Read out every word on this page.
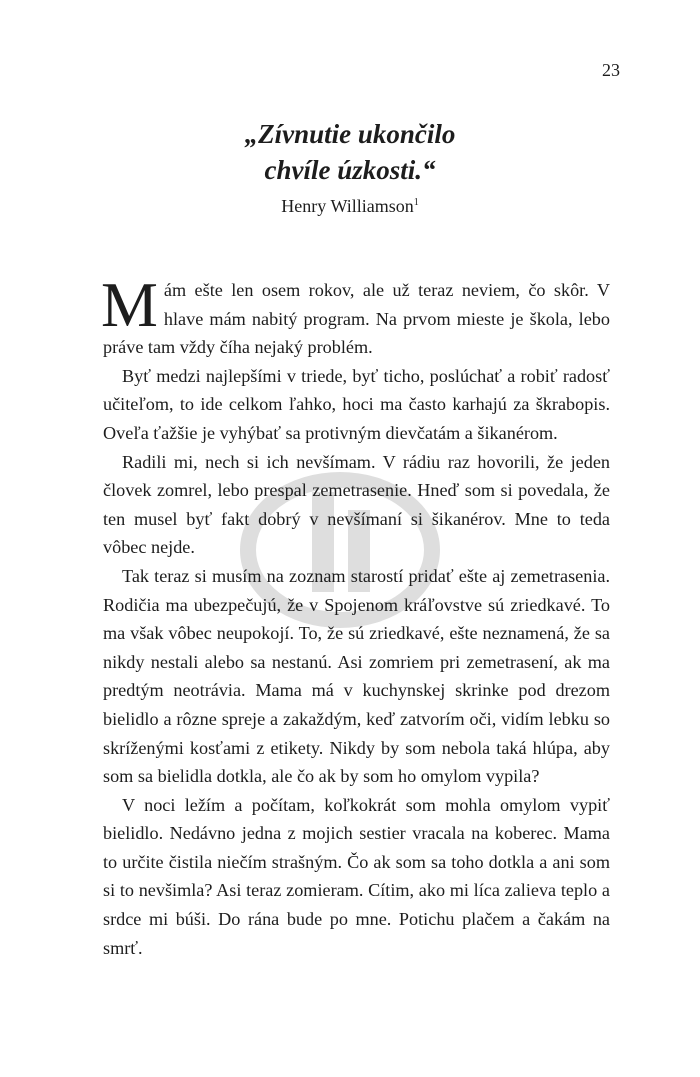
23
„Zívnutie ukončilo
chvíle úzkosti.“
Henry Williamson$^1$

Mám ešte len osem rokov, ale už teraz neviem, čo skôr. V hlave mám nabitý program. Na prvom mieste je škola, lebo práve tam vždy číha nejaký problém.

Byť medzi najlepšími v triede, byť ticho, poslúchať a robiť radosť učiteľom, to ide celkom ľahko, hoci ma často karhajú za škrabopis. Oveľa ťažšie je vyhýbať sa protivným dievčatám a šikanérom.

Radili mi, nech si ich nevšímam. V rádiu raz hovorili, že jeden človek zomrel, lebo prespal zemetrasenie. Hneď som si povedala, že ten musel byť fakt dobrý v nevšímaní si šikanérov. Mne to teda vôbec nejde.

Tak teraz si musím na zoznam starostí pridať ešte aj zemetrasenia. Rodičia ma ubezpečujú, že v Spojenom kráľovstve sú zriedkavé. To ma však vôbec neupokojí. To, že sú zriedkavé, ešte neznamená, že sa nikdy nestali alebo sa nestanú. Asi zomriem pri zemetrasení, ak ma predtým neotrávia. Mama má v kuchynskej skrinke pod drezom bielidlo a rôzne spreje a zakaždým, keď zatvorím oči, vidím lebku so skríženými kosťami z etikety. Nikdy by som nebola taká hlúpa, aby som sa bielidla dotkla, ale čo ak by som ho omylom vypila?

V noci ležím a počítam, koľkokrát som mohla omylom vypiť bielidlo. Nedávno jedna z mojich sestier vracala na koberec. Mama to určite čistila niečím strašným. Čo ak som sa toho dotkla a ani som si to nevšimla? Asi teraz zomieram. Cítim, ako mi líca zalieva teplo a srdce mi búši. Do rána bude po mne. Potichu plačem a čakám na smrť.
